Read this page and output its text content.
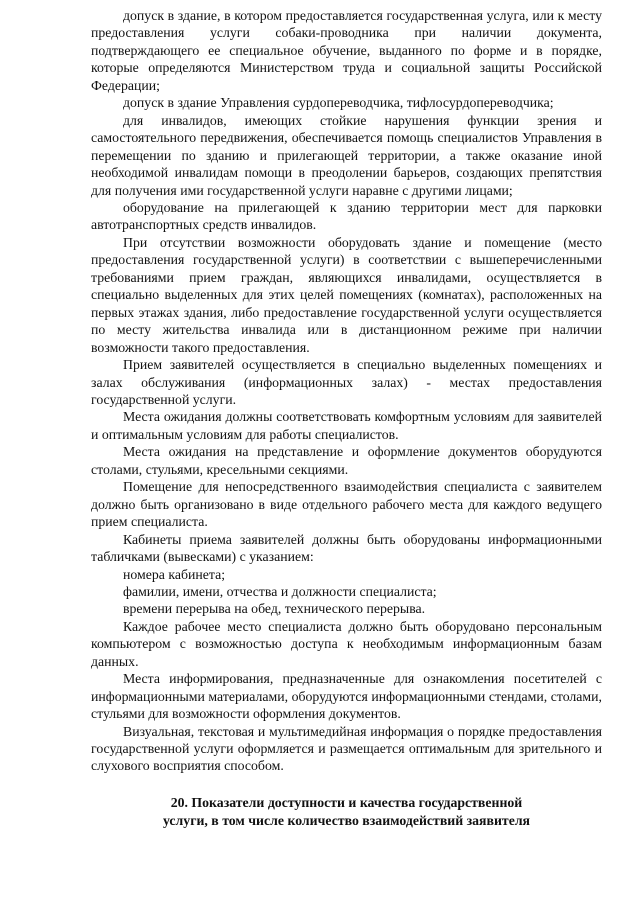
допуск в здание, в котором предоставляется государственная услуга, или к месту предоставления услуги собаки-проводника при наличии документа, подтверждающего ее специальное обучение, выданного по форме и в порядке, которые определяются Министерством труда и социальной защиты Российской Федерации;

допуск в здание Управления сурдопереводчика, тифлосурдопереводчика;

для инвалидов, имеющих стойкие нарушения функции зрения и самостоятельного передвижения, обеспечивается помощь специалистов Управления в перемещении по зданию и прилегающей территории, а также оказание иной необходимой инвалидам помощи в преодолении барьеров, создающих препятствия для получения ими государственной услуги наравне с другими лицами;

оборудование на прилегающей к зданию территории мест для парковки автотранспортных средств инвалидов.

При отсутствии возможности оборудовать здание и помещение (место предоставления государственной услуги) в соответствии с вышеперечисленными требованиями прием граждан, являющихся инвалидами, осуществляется в специально выделенных для этих целей помещениях (комнатах), расположенных на первых этажах здания, либо предоставление государственной услуги осуществляется по месту жительства инвалида или в дистанционном режиме при наличии возможности такого предоставления.

Прием заявителей осуществляется в специально выделенных помещениях и залах обслуживания (информационных залах) - местах предоставления государственной услуги.

Места ожидания должны соответствовать комфортным условиям для заявителей и оптимальным условиям для работы специалистов.

Места ожидания на представление и оформление документов оборудуются столами, стульями, кресельными секциями.

Помещение для непосредственного взаимодействия специалиста с заявителем должно быть организовано в виде отдельного рабочего места для каждого ведущего прием специалиста.

Кабинеты приема заявителей должны быть оборудованы информационными табличками (вывесками) с указанием:

номера кабинета;

фамилии, имени, отчества и должности специалиста;

времени перерыва на обед, технического перерыва.

Каждое рабочее место специалиста должно быть оборудовано персональным компьютером с возможностью доступа к необходимым информационным базам данных.

Места информирования, предназначенные для ознакомления посетителей с информационными материалами, оборудуются информационными стендами, столами, стульями для возможности оформления документов.

Визуальная, текстовая и мультимедийная информация о порядке предоставления государственной услуги оформляется и размещается оптимальным для зрительного и слухового восприятия способом.

20. Показатели доступности и качества государственной
услуги, в том числе количество взаимодействий заявителя
